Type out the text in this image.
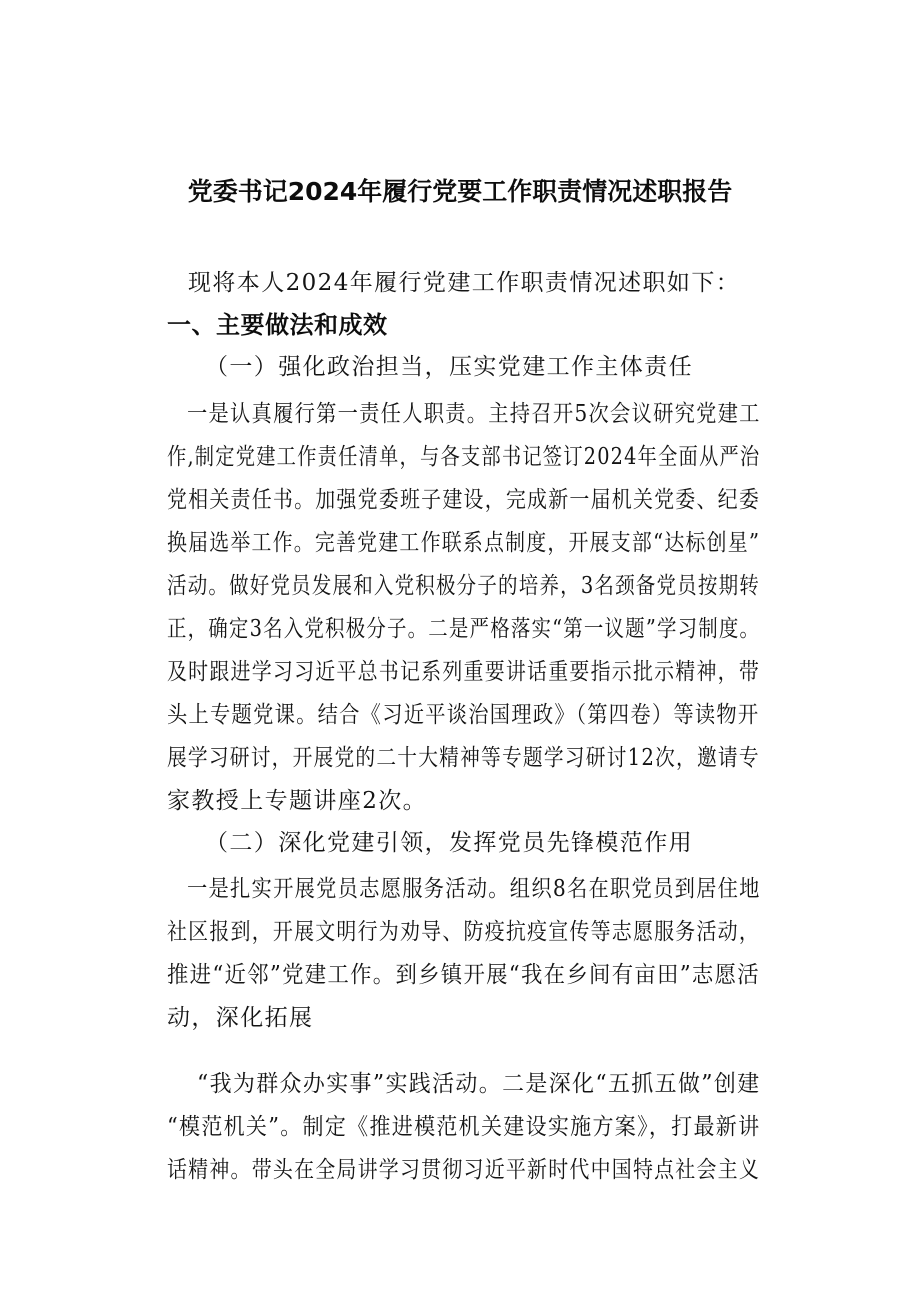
党委书记2024年履行党要工作职责情况述职报告
现将本人2024年履行党建工作职责情况述职如下：
一、主要做法和成效
（一）强化政治担当，压实党建工作主体责任
一是认真履行第一责任人职责。主持召开5次会议研究党建工
作,制定党建工作责任清单，与各支部书记签订2024年全面从严治
党相关责任书。加强党委班子建设，完成新一届机关党委、纪委
换届选举工作。完善党建工作联系点制度，开展支部“达标创星”
活动。做好党员发展和入党积极分子的培养，3名颈备党员按期转
正，确定3名入党积极分子。二是严格落实“第一议题”学习制度。
及时跟进学习习近平总书记系列重要讲话重要指示批示精神，带
头上专题党课。结合《习近平谈治国理政》（第四卷）等读物开
展学习研讨，开展党的二十大精神等专题学习研讨12次，邀请专
家教授上专题讲座2次。
（二）深化党建引领，发挥党员先锋模范作用
一是扎实开展党员志愿服务活动。组织8名在职党员到居住地
社区报到，开展文明行为劝导、防疫抗疫宣传等志愿服务活动，
推进“近邻”党建工作。到乡镇开展“我在乡间有亩田”志愿活
动，深化拓展
“我为群众办实事”实践活动。二是深化“五抓五做”创建
“模范机关”。制定《推进模范机关建设实施方案》，打最新讲
话精神。带头在全局讲学习贯彻习近平新时代中国特点社会主义
